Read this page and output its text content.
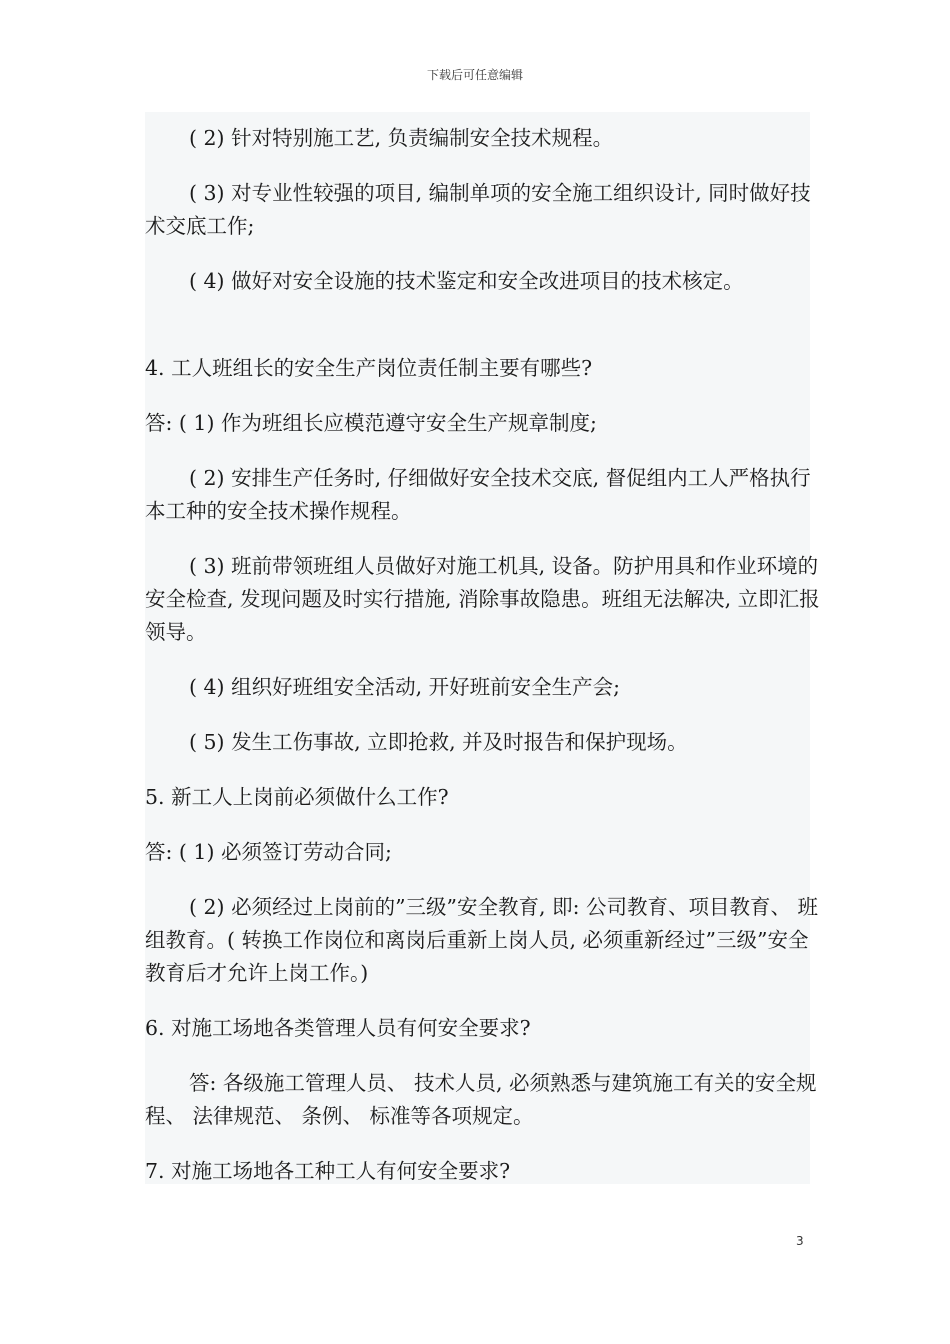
下载后可任意编辑

( 2) 针对特别施工艺, 负责编制安全技术规程。

( 3) 对专业性较强的项目, 编制单项的安全施工组织设计, 同时做好技术交底工作;

( 4) 做好对安全设施的技术鉴定和安全改进项目的技术核定。

4. 工人班组长的安全生产岗位责任制主要有哪些?

答: ( 1) 作为班组长应模范遵守安全生产规章制度;

( 2) 安排生产任务时, 仔细做好安全技术交底, 督促组内工人严格执行本工种的安全技术操作规程。

( 3) 班前带领班组人员做好对施工机具, 设备。防护用具和作业环境的安全检查, 发现问题及时实行措施, 消除事故隐患。班组无法解决, 立即汇报领导。

( 4) 组织好班组安全活动, 开好班前安全生产会;

( 5) 发生工伤事故, 立即抢救, 并及时报告和保护现场。

5. 新工人上岗前必须做什么工作?

答: ( 1) 必须签订劳动合同;

( 2) 必须经过上岗前的”三级”安全教育, 即: 公司教育、项目教育、 班组教育。( 转换工作岗位和离岗后重新上岗人员, 必须重新经过”三级”安全教育后才允许上岗工作。)

6. 对施工场地各类管理人员有何安全要求?

答: 各级施工管理人员、 技术人员, 必须熟悉与建筑施工有关的安全规程、 法律规范、 条例、 标准等各项规定。

7. 对施工场地各工种工人有何安全要求?

3
